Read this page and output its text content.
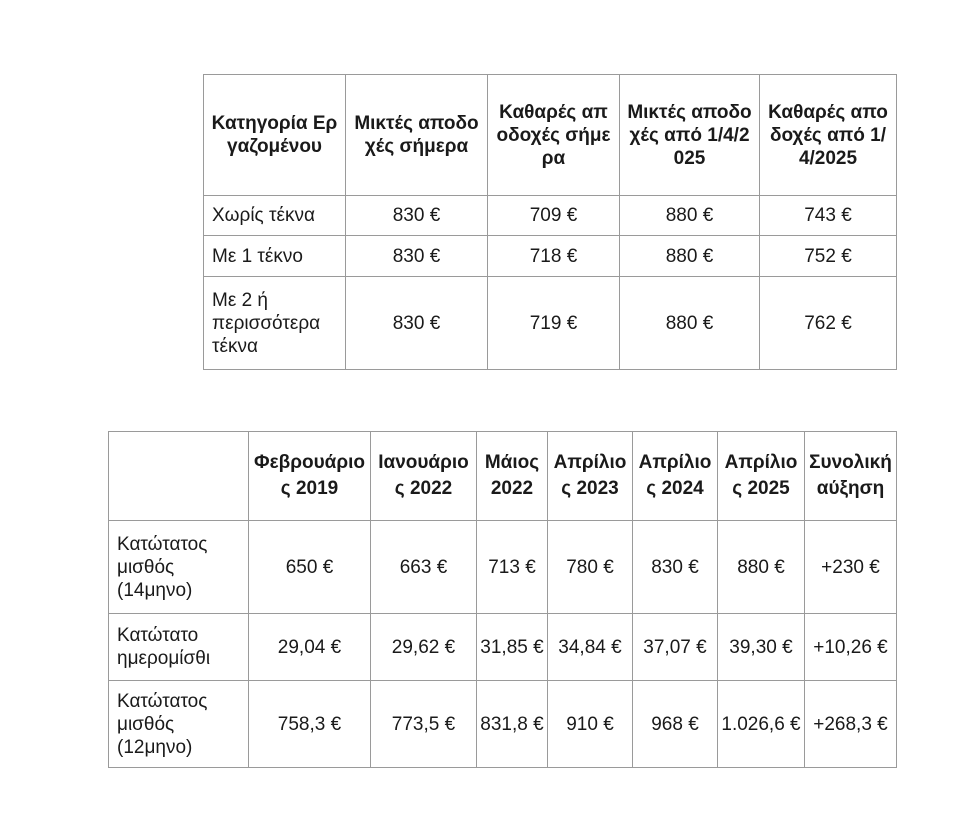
Κατηγορία Εργαζομένου	Μικτές αποδοχές σήμερα	Καθαρές αποδοχές σήμερα	Μικτές αποδοχές από 1/4/2025	Καθαρές αποδοχές από 1/4/2025
Χωρίς τέκνα	830 €	709 €	880 €	743 €
Με 1 τέκνο	830 €	718 €	880 €	752 €
Με 2 ή περισσότερα τέκνα	830 €	719 €	880 €	762 €
	Φεβρουάριος 2019	Ιανουάριος 2022	Μάιος 2022	Απρίλιος 2023	Απρίλιος 2024	Απρίλιος 2025	Συνολική αύξηση
Κατώτατος μισθός (14μηνο)	650 €	663 €	713 €	780 €	830 €	880 €	+230 €
Κατώτατο ημερομίσθι	29,04 €	29,62 €	31,85 €	34,84 €	37,07 €	39,30 €	+10,26 €
Κατώτατος μισθός (12μηνο)	758,3 €	773,5 €	831,8 €	910 €	968 €	1.026,6 €	+268,3 €
